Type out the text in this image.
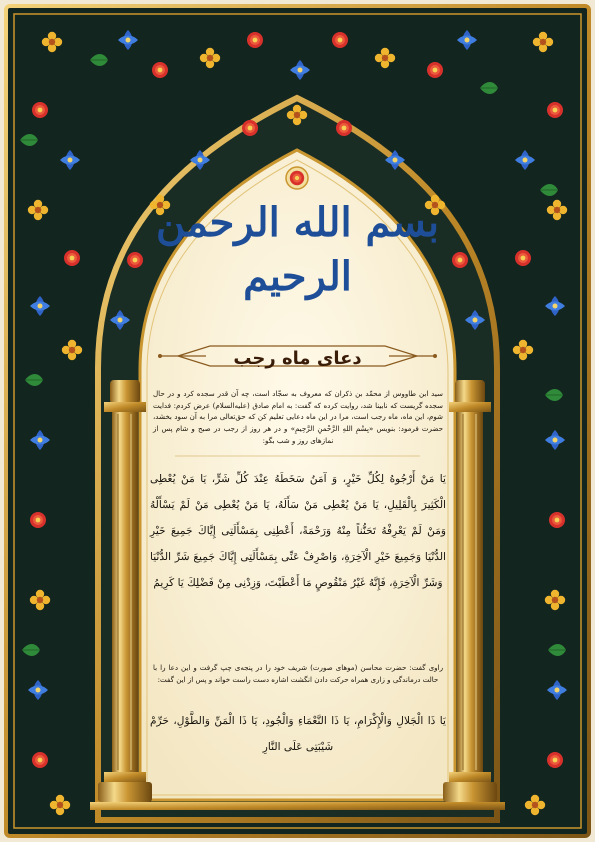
بسم الله الرحمن الرحیم
دعای ماه رجب
سید ابن طاووس از محمّد بن ذکران که معروف به سجّاد است، چه آن قدر سجده کرد و در حال سجده گریست که نابینا شد، روایت کرده که گفت: به امام صادق (علیه‌السلام) عرض کردم: فدایت شوم، این ماه، ماه رجب است، مرا در این ماه دعایی تعلیم کن که حق‌تعالی مرا به آن سود بخشد، حضرت فرمود: بنویس «بِسْمِ اللهِ الرَّحْمنِ الرَّحِیمِ» و در هر روز از رجب در صبح و شام پس از نمازهای روز و شب بگو:
یَا مَنْ أَرْجُوهُ لِكُلِّ خَیْرٍ، وَ آمَنُ سَخَطَهُ عِنْدَ كُلِّ شَرٍّ، یَا مَنْ یُعْطِی الْكَثِیرَ بِالْقَلِیلِ، یَا مَنْ یُعْطِی مَنْ سَأَلَهُ، یَا مَنْ یُعْطِی مَنْ لَمْ یَسْأَلْهُ وَمَنْ لَمْ یَعْرِفْهُ تَحَنُّناً مِنْهُ وَرَحْمَةً، أَعْطِنِی بِمَسْأَلَتِی إِیَّاكَ جَمِیعَ خَیْرِ الدُّنْیَا وَجَمِیعَ خَیْرِ الْآخِرَةِ، وَاصْرِفْ عَنِّی بِمَسْأَلَتِی إِیَّاكَ جَمِیعَ شَرِّ الدُّنْیَا وَشَرِّ الْآخِرَةِ، فَإِنَّهُ غَیْرُ مَنْقُوصٍ مَا أَعْطَیْتَ، وَزِدْنِی مِنْ فَضْلِكَ یَا كَرِیمُ
راوی گفت: حضرت محاسن (موهای صورت) شریف خود را در پنجه‌ی چپ گرفت و این دعا را با حالت درماندگی و زاری همراه حرکت دادن انگشت اشاره دست راست خواند و پس از این گفت:
یَا ذَا الْجَلالِ وَالْإِكْرَامِ، یَا ذَا النَّعْمَاءِ وَالْجُودِ، یَا ذَا الْمَنِّ وَالطَّوْلِ، حَرِّمْ شَیْبَتِی عَلَی النَّارِ
